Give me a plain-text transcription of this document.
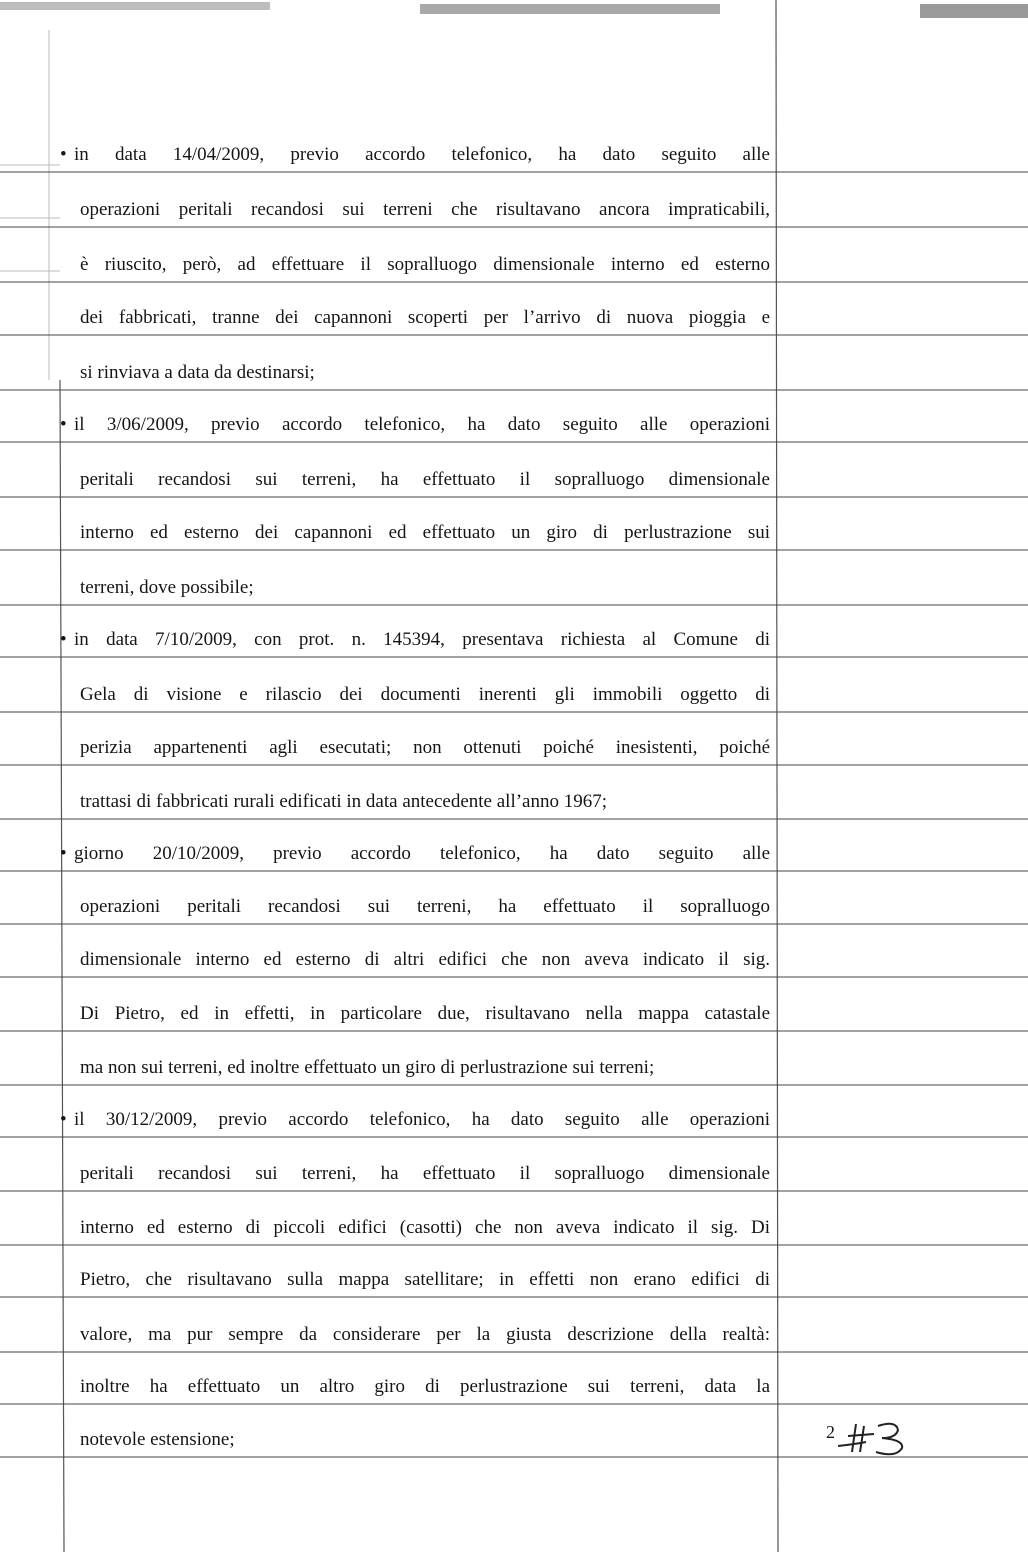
• in data 14/04/2009, previo accordo telefonico, ha dato seguito alle
operazioni peritali recandosi sui terreni che risultavano ancora impraticabili,
è riuscito, però, ad effettuare il sopralluogo dimensionale interno ed esterno
dei fabbricati, tranne dei capannoni scoperti per l’arrivo di nuova pioggia e
si rinviava a data da destinarsi;
• il 3/06/2009, previo accordo telefonico, ha dato seguito alle operazioni
peritali recandosi sui terreni, ha effettuato il sopralluogo dimensionale
interno ed esterno dei capannoni ed effettuato un giro di perlustrazione sui
terreni, dove possibile;
• in data 7/10/2009, con prot. n. 145394, presentava richiesta al Comune di
Gela di visione e rilascio dei documenti inerenti gli immobili oggetto di
perizia appartenenti agli esecutati; non ottenuti poiché inesistenti, poiché
trattasi di fabbricati rurali edificati in data antecedente all’anno 1967;
• giorno 20/10/2009, previo accordo telefonico, ha dato seguito alle
operazioni peritali recandosi sui terreni, ha effettuato il sopralluogo
dimensionale interno ed esterno di altri edifici che non aveva indicato il sig.
Di Pietro, ed in effetti, in particolare due, risultavano nella mappa catastale
ma non sui terreni, ed inoltre effettuato un giro di perlustrazione sui terreni;
• il 30/12/2009, previo accordo telefonico, ha dato seguito alle operazioni
peritali recandosi sui terreni, ha effettuato il sopralluogo dimensionale
interno ed esterno di piccoli edifici (casotti) che non aveva indicato il sig. Di
Pietro, che risultavano sulla mappa satellitare; in effetti non erano edifici di
valore, ma pur sempre da considerare per la giusta descrizione della realtà:
inoltre ha effettuato un altro giro di perlustrazione sui terreni, data la
notevole estensione;	2
